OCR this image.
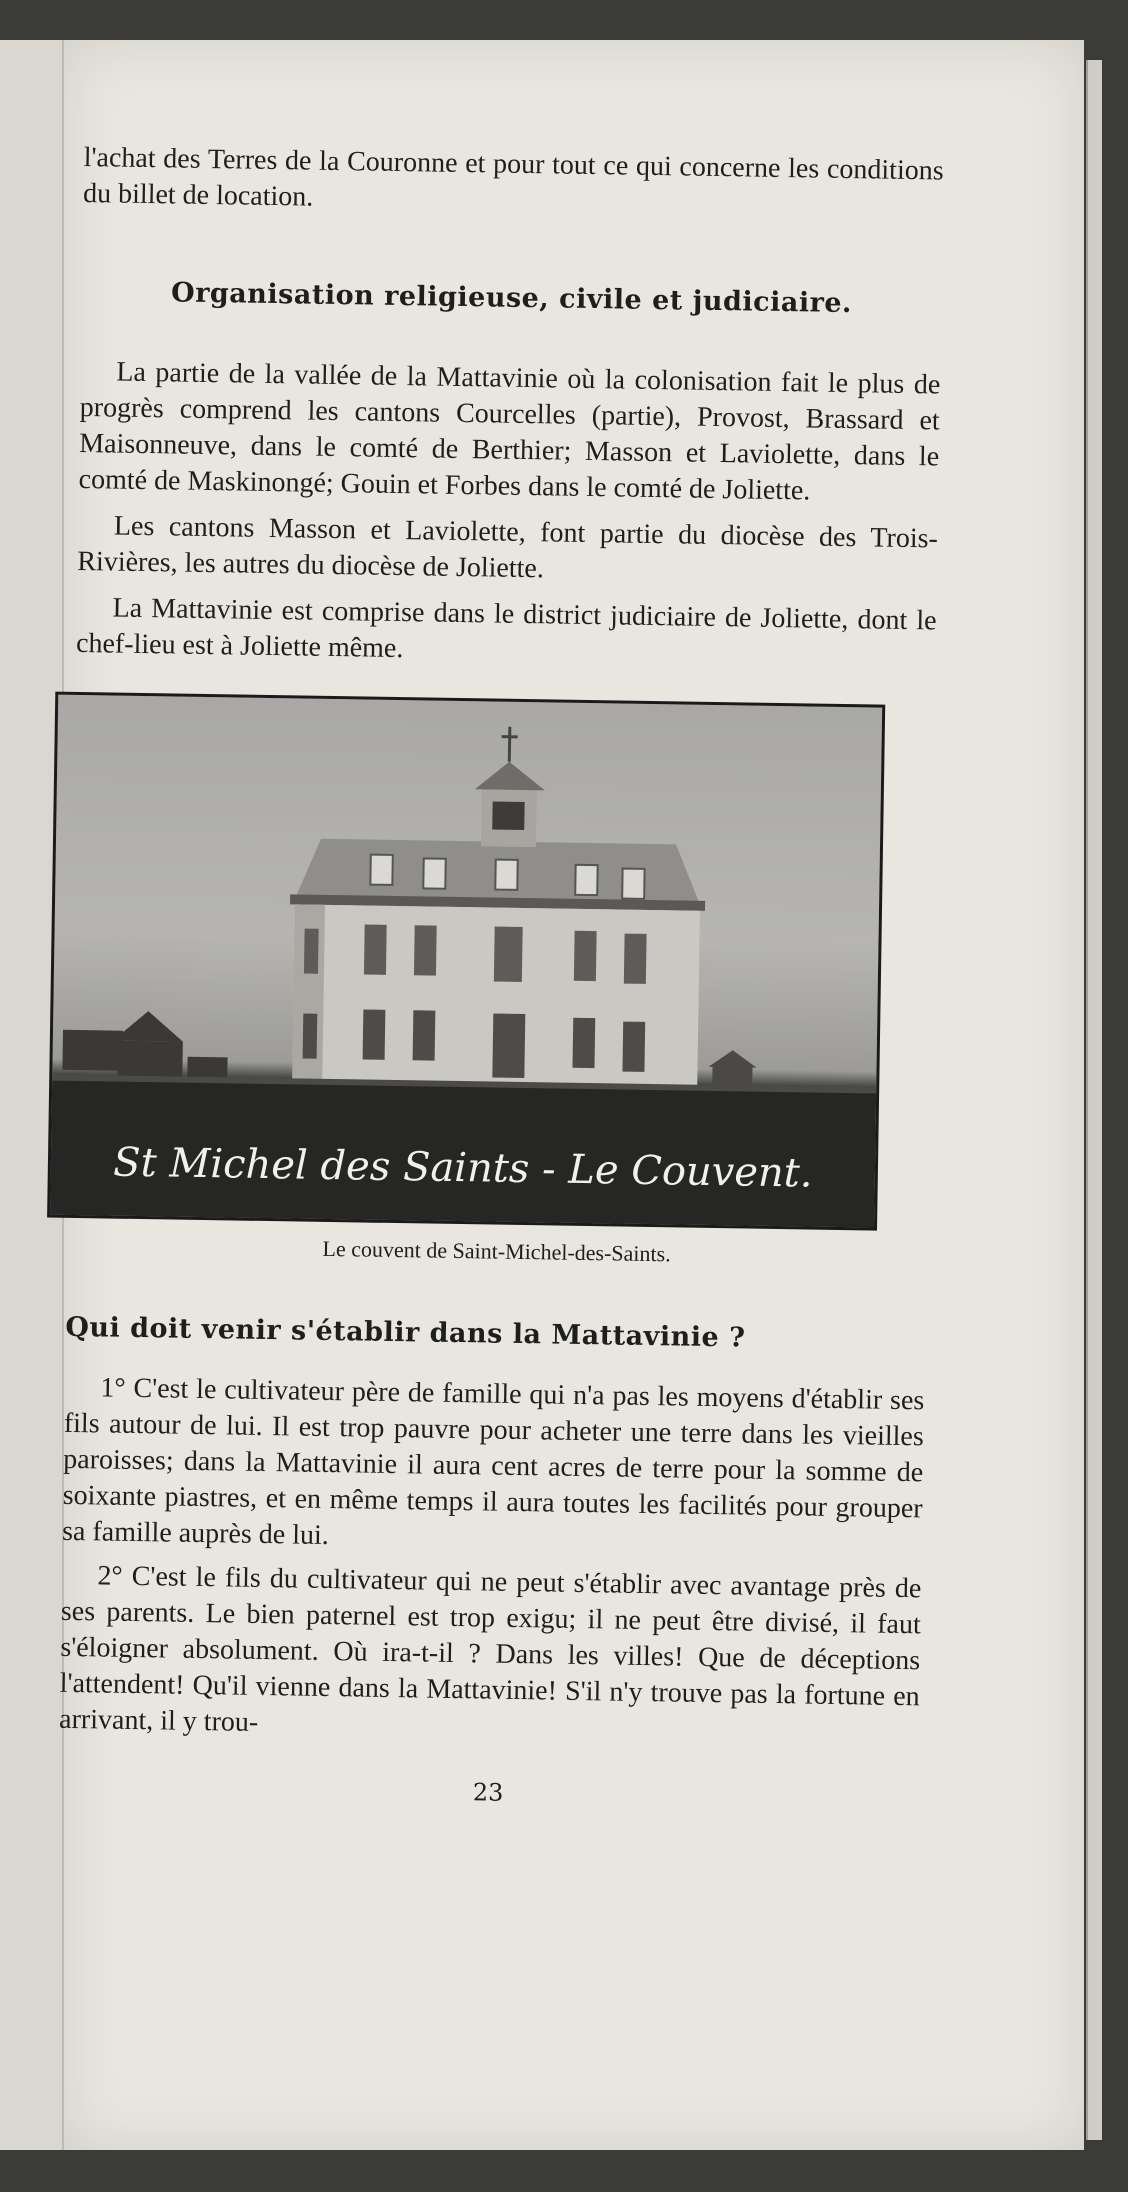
l'achat des Terres de la Couronne et pour tout ce qui concerne les conditions du billet de location.

Organisation religieuse, civile et judiciaire.

La partie de la vallée de la Mattavinie où la colonisation fait le plus de progrès comprend les cantons Courcelles (partie), Provost, Brassard et Maisonneuve, dans le comté de Berthier; Masson et Laviolette, dans le comté de Maskinongé; Gouin et Forbes dans le comté de Joliette.

Les cantons Masson et Laviolette, font partie du diocèse des Trois-Rivières, les autres du diocèse de Joliette.

La Mattavinie est comprise dans le district judiciaire de Joliette, dont le chef-lieu est à Joliette même.

St Michel des Saints - Le Couvent.
Le couvent de Saint-Michel-des-Saints.
Qui doit venir s'établir dans la Mattavinie ?

1° C'est le cultivateur père de famille qui n'a pas les moyens d'établir ses fils autour de lui. Il est trop pauvre pour acheter une terre dans les vieilles paroisses; dans la Mattavinie il aura cent acres de terre pour la somme de soixante piastres, et en même temps il aura toutes les facilités pour grouper sa famille auprès de lui.

2° C'est le fils du cultivateur qui ne peut s'établir avec avantage près de ses parents. Le bien paternel est trop exigu; il ne peut être divisé, il faut s'éloigner absolument. Où ira-t-il ? Dans les villes! Que de déceptions l'attendent! Qu'il vienne dans la Mattavinie! S'il n'y trouve pas la fortune en arrivant, il y trou-

23
